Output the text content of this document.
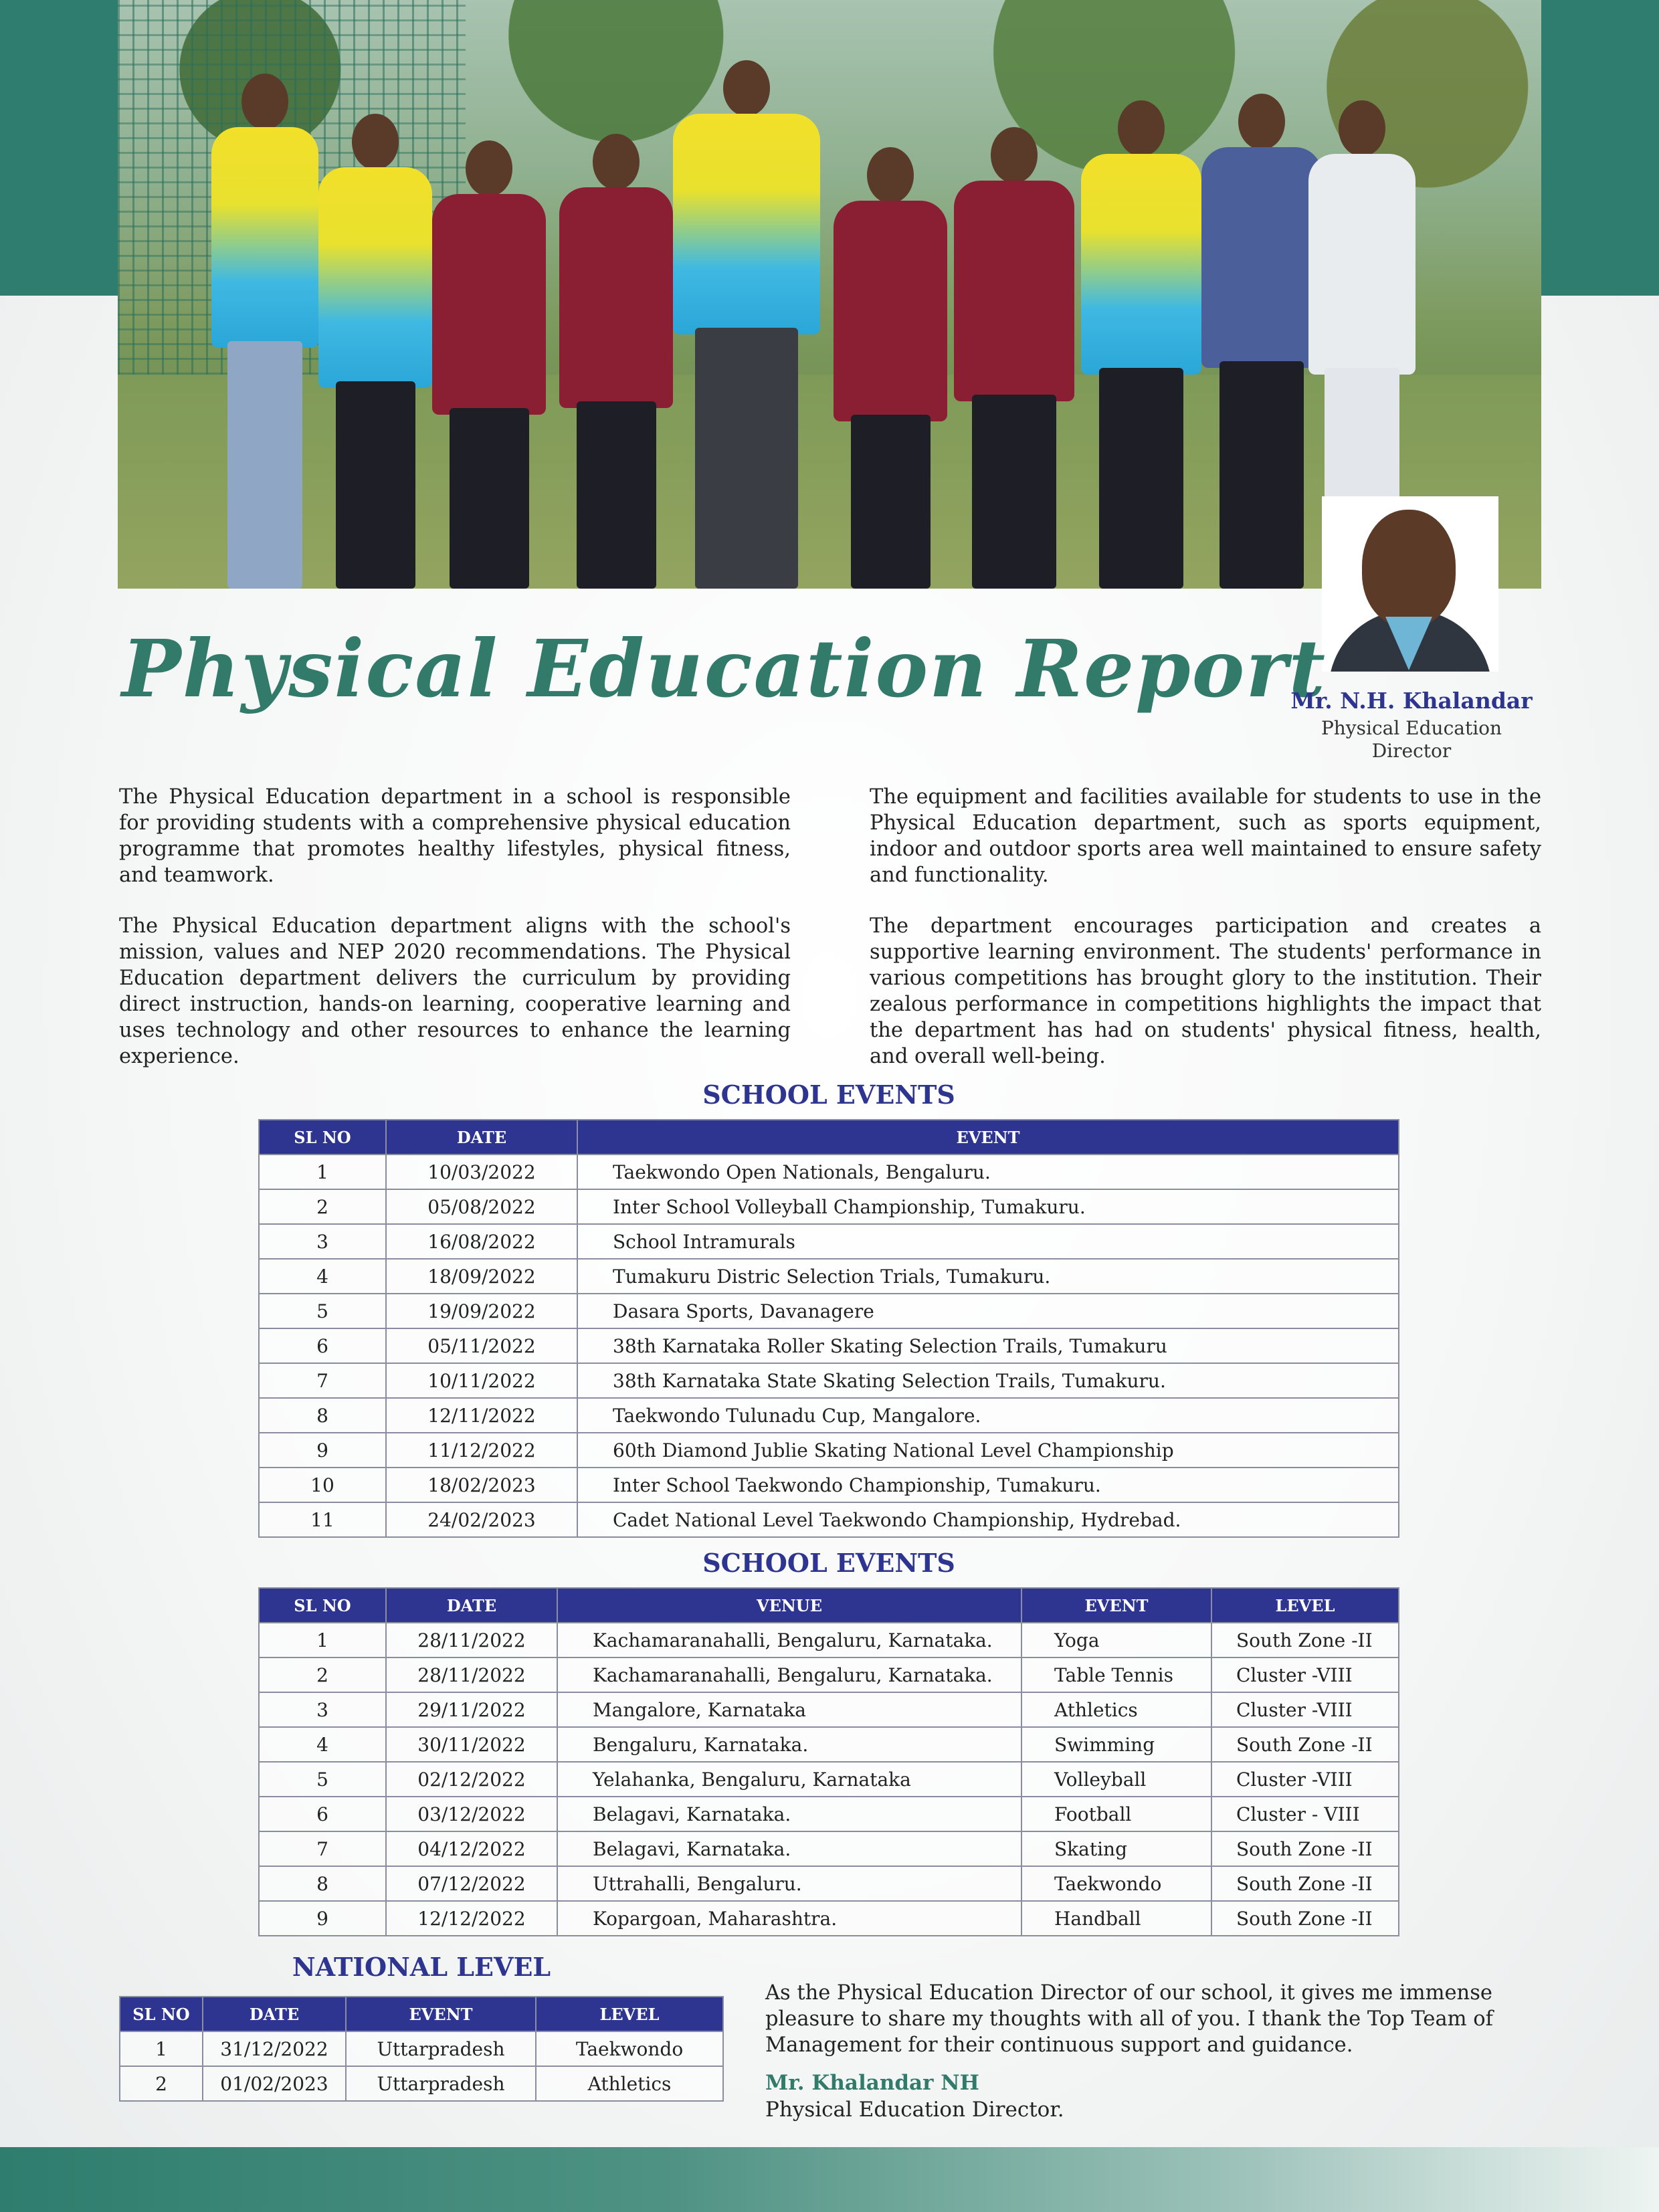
Physical Education Report
Mr. N.H. Khalandar
Physical Education
Director

The Physical Education department in a school is responsible for providing students with a comprehensive physical education programme that promotes healthy lifestyles, physical fitness, and teamwork.

The Physical Education department aligns with the school's mission, values and NEP 2020 recommendations. The Physical Education department delivers the curriculum by providing direct instruction, hands-on learning, cooperative learning and uses technology and other resources to enhance the learning experience.

The equipment and facilities available for students to use in the Physical Education department, such as sports equipment, indoor and outdoor sports area well maintained to ensure safety and functionality.

The department encourages participation and creates a supportive learning environment. The students' performance in various competitions has brought glory to the institution. Their zealous performance in competitions highlights the impact that the department has had on students' physical fitness, health, and overall well-being.

SCHOOL EVENTS
SL NO	DATE	EVENT
1	10/03/2022	Taekwondo Open Nationals, Bengaluru.
2	05/08/2022	Inter School Volleyball Championship, Tumakuru.
3	16/08/2022	School Intramurals
4	18/09/2022	Tumakuru Distric Selection Trials, Tumakuru.
5	19/09/2022	Dasara Sports, Davanagere
6	05/11/2022	38th Karnataka Roller Skating Selection Trails, Tumakuru
7	10/11/2022	38th Karnataka State Skating Selection Trails, Tumakuru.
8	12/11/2022	Taekwondo Tulunadu Cup, Mangalore.
9	11/12/2022	60th Diamond Jublie Skating National Level Championship
10	18/02/2023	Inter School Taekwondo Championship, Tumakuru.
11	24/02/2023	Cadet National Level Taekwondo Championship, Hydrebad.
SCHOOL EVENTS
SL NO	DATE	VENUE	EVENT	LEVEL
1	28/11/2022	Kachamaranahalli, Bengaluru, Karnataka.	Yoga	South Zone -II
2	28/11/2022	Kachamaranahalli, Bengaluru, Karnataka.	Table Tennis	Cluster -VIII
3	29/11/2022	Mangalore, Karnataka	Athletics	Cluster -VIII
4	30/11/2022	Bengaluru, Karnataka.	Swimming	South Zone -II
5	02/12/2022	Yelahanka, Bengaluru, Karnataka	Volleyball	Cluster -VIII
6	03/12/2022	Belagavi, Karnataka.	Football	Cluster - VIII
7	04/12/2022	Belagavi, Karnataka.	Skating	South Zone -II
8	07/12/2022	Uttrahalli, Bengaluru.	Taekwondo	South Zone -II
9	12/12/2022	Kopargoan, Maharashtra.	Handball	South Zone -II
NATIONAL LEVEL
SL NO	DATE	EVENT	LEVEL
1	31/12/2022	Uttarpradesh	Taekwondo
2	01/02/2023	Uttarpradesh	Athletics

As the Physical Education Director of our school, it gives me immense pleasure to share my thoughts with all of you. I thank the Top Team of Management for their continuous support and guidance.

Mr. Khalandar NH
Physical Education Director.
